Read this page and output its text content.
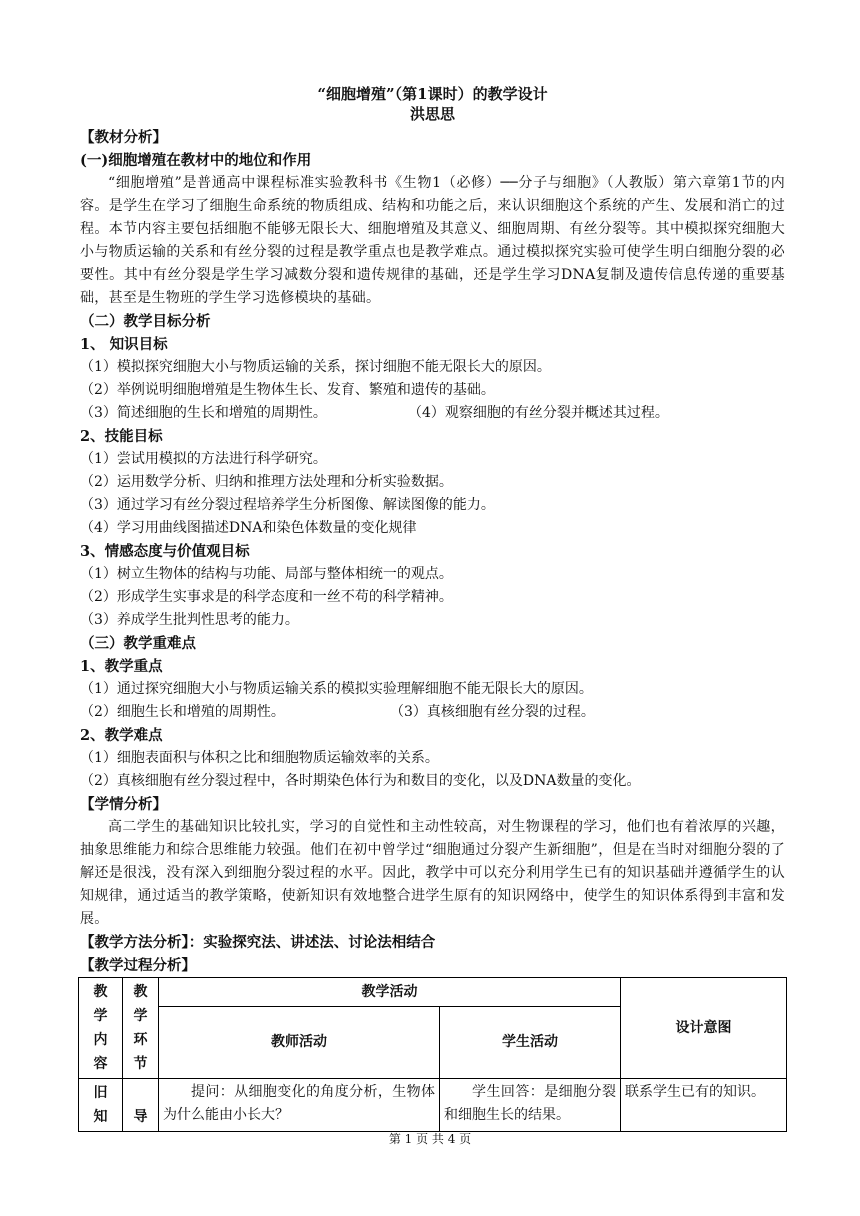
“细胞增殖”（第1课时）的教学设计

洪思思

【教材分析】

(一)细胞增殖在教材中的地位和作用

“细胞增殖”是普通高中课程标准实验教科书《生物1（必修）──分子与细胞》（人教版）第六章第1节的内容。是学生在学习了细胞生命系统的物质组成、结构和功能之后，来认识细胞这个系统的产生、发展和消亡的过程。本节内容主要包括细胞不能够无限长大、细胞增殖及其意义、细胞周期、有丝分裂等。其中模拟探究细胞大小与物质运输的关系和有丝分裂的过程是教学重点也是教学难点。通过模拟探究实验可使学生明白细胞分裂的必要性。其中有丝分裂是学生学习减数分裂和遗传规律的基础，还是学生学习DNA复制及遗传信息传递的重要基础，甚至是生物班的学生学习选修模块的基础。

（二）教学目标分析

1、 知识目标

（1）模拟探究细胞大小与物质运输的关系，探讨细胞不能无限长大的原因。

（2）举例说明细胞增殖是生物体生长、发育、繁殖和遗传的基础。

（3）简述细胞的生长和增殖的周期性。	（4）观察细胞的有丝分裂并概述其过程。

2、技能目标

（1）尝试用模拟的方法进行科学研究。

（2）运用数学分析、归纳和推理方法处理和分析实验数据。

（3）通过学习有丝分裂过程培养学生分析图像、解读图像的能力。

（4）学习用曲线图描述DNA和染色体数量的变化规律

3、情感态度与价值观目标

（1）树立生物体的结构与功能、局部与整体相统一的观点。

（2）形成学生实事求是的科学态度和一丝不苟的科学精神。

（3）养成学生批判性思考的能力。

（三）教学重难点

1、教学重点

（1）通过探究细胞大小与物质运输关系的模拟实验理解细胞不能无限长大的原因。

（2）细胞生长和增殖的周期性。	（3）真核细胞有丝分裂的过程。

2、教学难点

（1）细胞表面积与体积之比和细胞物质运输效率的关系。

（2）真核细胞有丝分裂过程中，各时期染色体行为和数目的变化，以及DNA数量的变化。

【学情分析】

高二学生的基础知识比较扎实，学习的自觉性和主动性较高，对生物课程的学习，他们也有着浓厚的兴趣，抽象思维能力和综合思维能力较强。他们在初中曾学过“细胞通过分裂产生新细胞”，但是在当时对细胞分裂的了解还是很浅，没有深入到细胞分裂过程的水平。因此，教学中可以充分利用学生已有的知识基础并遵循学生的认知规律，通过适当的教学策略，使新知识有效地整合进学生原有的知识网络中，使学生的知识体系得到丰富和发展。

【教学方法分析】：实验探究法、讲述法、讨论法相结合

【教学过程分析】

教学内容	教学环节	教学活动		设计意图
		教师活动	学生活动	
旧知	导	提问：从细胞变化的角度分析，生物体为什么能由小长大？	学生回答：是细胞分裂和细胞生长的结果。	联系学生已有的知识。
第 1 页 共 4 页
